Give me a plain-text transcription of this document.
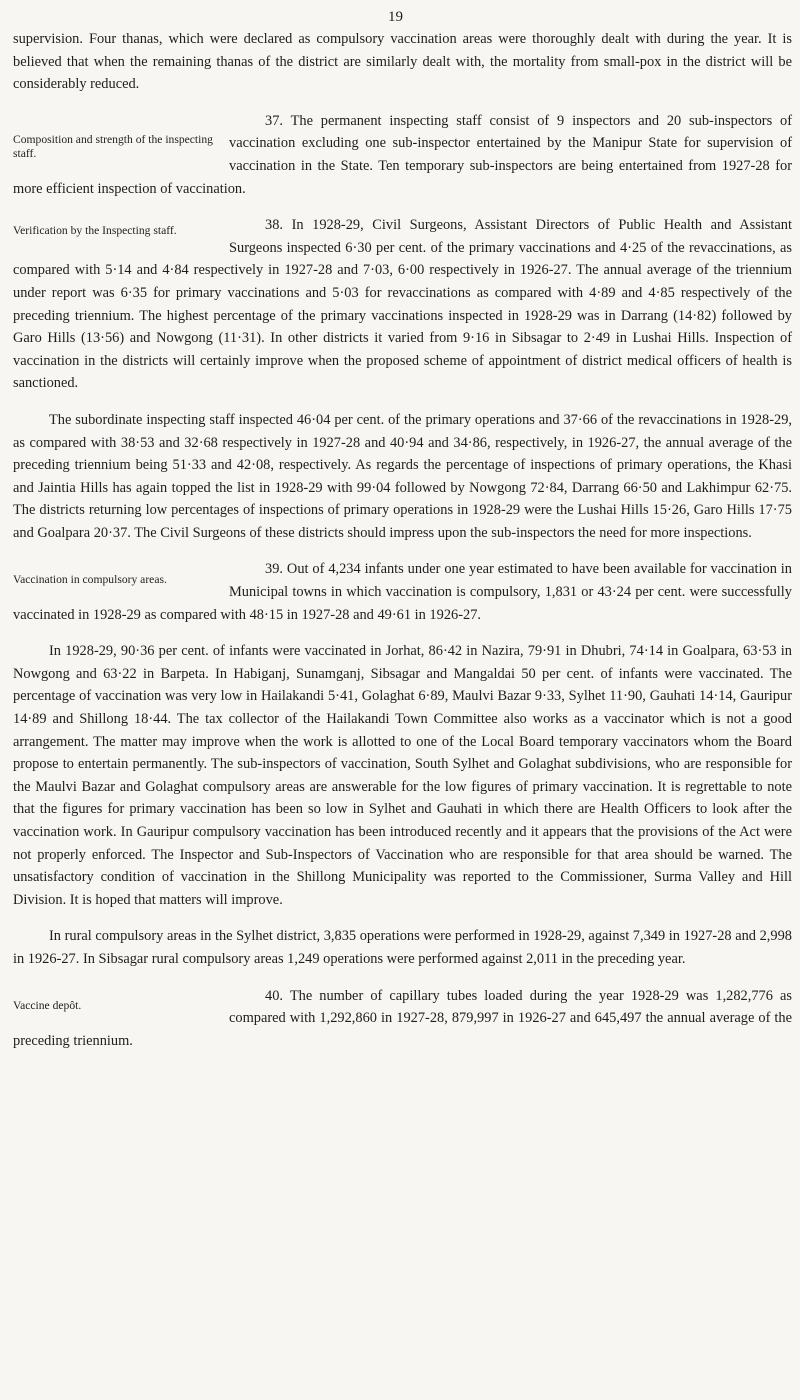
19

supervision. Four thanas, which were declared as compulsory vaccination areas were thoroughly dealt with during the year. It is believed that when the remaining thanas of the district are similarly dealt with, the mortality from small-pox in the district will be considerably reduced.

Composition and strength of the inspecting staff.

37. The permanent inspecting staff consist of 9 inspectors and 20 sub-inspectors of vaccination excluding one sub-inspector entertained by the Manipur State for supervision of vaccination in the State. Ten temporary sub-inspectors are being entertained from 1927-28 for more efficient inspection of vaccination.

Verification by the Inspecting staff.	38. In 1928-29, Civil Surgeons, Assistant Directors of Public Health and Assistant Surgeons inspected 6·30 per cent. of the primary vaccinations and 4·25 of the revaccinations, as compared with 5·14 and 4·84 respectively in 1927-28 and 7·03, 6·00 respectively in 1926-27. The annual average of the triennium under report was 6·35 for primary vaccinations and 5·03 for revaccinations as compared with 4·89 and 4·85 respectively of the preceding triennium. The highest percentage of the primary vaccinations inspected in 1928-29 was in Darrang (14·82) followed by Garo Hills (13·56) and Nowgong (11·31). In other districts it varied from 9·16 in Sibsagar to 2·49 in Lushai Hills. Inspection of vaccination in the districts will certainly improve when the proposed scheme of appointment of district medical officers of health is sanctioned.

The subordinate inspecting staff inspected 46·04 per cent. of the primary operations and 37·66 of the revaccinations in 1928-29, as compared with 38·53 and 32·68 respectively in 1927-28 and 40·94 and 34·86, respectively, in 1926-27, the annual average of the preceding triennium being 51·33 and 42·08, respectively. As regards the percentage of inspections of primary operations, the Khasi and Jaintia Hills has again topped the list in 1928-29 with 99·04 followed by Nowgong 72·84, Darrang 66·50 and Lakhimpur 62·75. The districts returning low percentages of inspections of primary operations in 1928-29 were the Lushai Hills 15·26, Garo Hills 17·75 and Goalpara 20·37. The Civil Surgeons of these districts should impress upon the sub-inspectors the need for more inspections.

Vaccination in compulsory areas.

39. Out of 4,234 infants under one year estimated to have been available for vaccination in Municipal towns in which vaccination is compulsory, 1,831 or 43·24 per cent. were successfully vaccinated in 1928-29 as compared with 48·15 in 1927-28 and 49·61 in 1926-27.

In 1928-29, 90·36 per cent. of infants were vaccinated in Jorhat, 86·42 in Nazira, 79·91 in Dhubri, 74·14 in Goalpara, 63·53 in Nowgong and 63·22 in Barpeta. In Habiganj, Sunamganj, Sibsagar and Mangaldai 50 per cent. of infants were vaccinated. The percentage of vaccination was very low in Hailakandi 5·41, Golaghat 6·89, Maulvi Bazar 9·33, Sylhet 11·90, Gauhati 14·14, Gauripur 14·89 and Shillong 18·44. The tax collector of the Hailakandi Town Committee also works as a vaccinator which is not a good arrangement. The matter may improve when the work is allotted to one of the Local Board temporary vaccinators whom the Board propose to entertain permanently. The sub-inspectors of vaccination, South Sylhet and Golaghat subdivisions, who are responsible for the Maulvi Bazar and Golaghat compulsory areas are answerable for the low figures of primary vaccination. It is regrettable to note that the figures for primary vaccination has been so low in Sylhet and Gauhati in which there are Health Officers to look after the vaccination work. In Gauripur compulsory vaccination has been introduced recently and it appears that the provisions of the Act were not properly enforced. The Inspector and Sub-Inspectors of Vaccination who are responsible for that area should be warned. The unsatisfactory condition of vaccination in the Shillong Municipality was reported to the Commissioner, Surma Valley and Hill Division. It is hoped that matters will improve.

In rural compulsory areas in the Sylhet district, 3,835 operations were performed in 1928-29, against 7,349 in 1927-28 and 2,998 in 1926-27. In Sibsagar rural compulsory areas 1,249 operations were performed against 2,011 in the preceding year.

Vaccine depôt.

40. The number of capillary tubes loaded during the year 1928-29 was 1,282,776 as compared with 1,292,860 in 1927-28, 879,997 in 1926-27 and 645,497 the annual average of the preceding triennium.
